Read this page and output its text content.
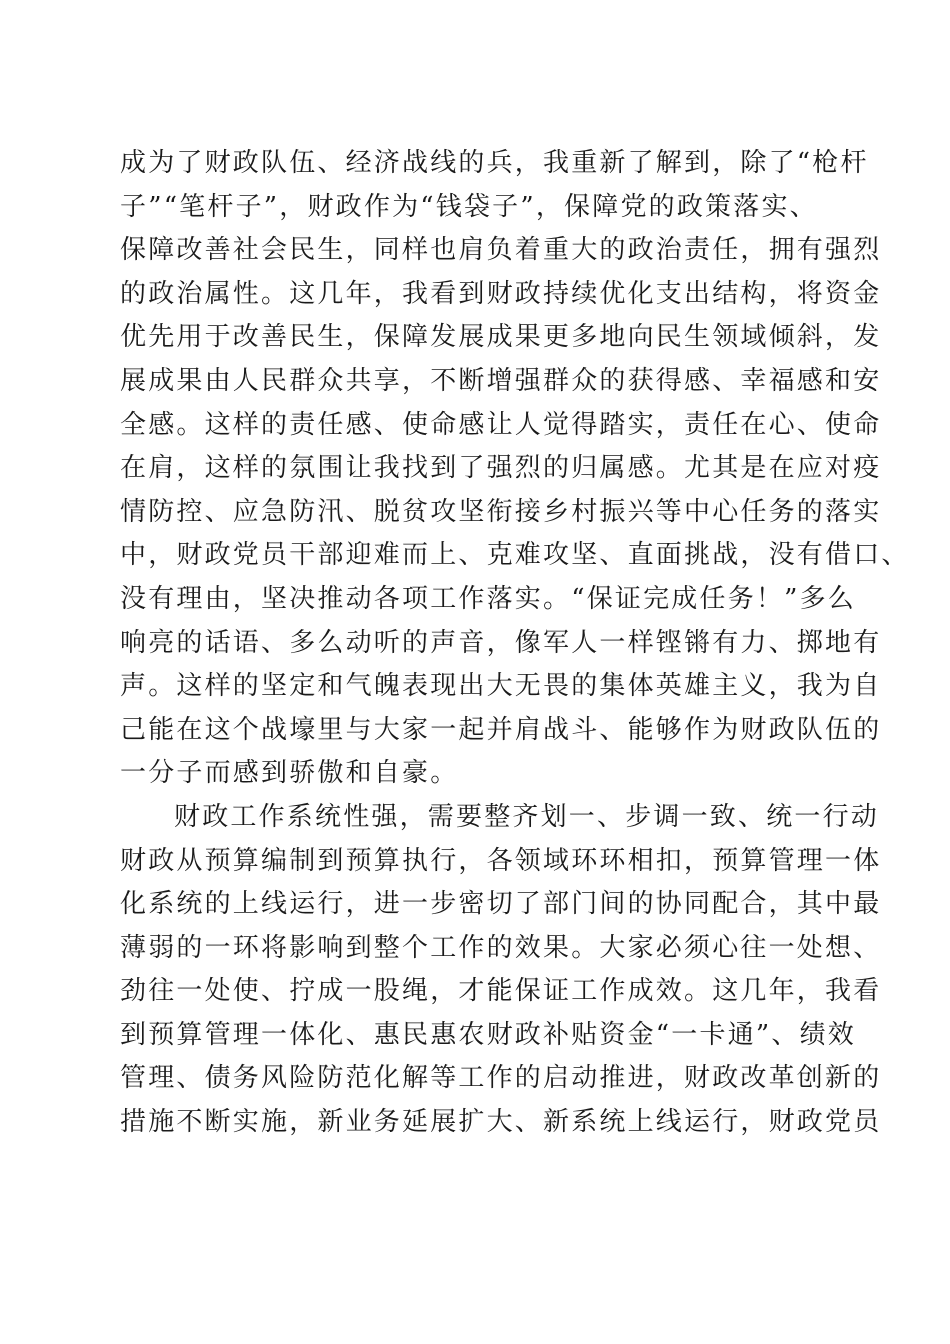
成为了财政队伍、经济战线的兵，我重新了解到，除了“枪杆
子”“笔杆子”，财政作为“钱袋子”，保障党的政策落实、
保障改善社会民生，同样也肩负着重大的政治责任，拥有强烈
的政治属性。这几年，我看到财政持续优化支出结构，将资金
优先用于改善民生，保障发展成果更多地向民生领域倾斜，发
展成果由人民群众共享，不断增强群众的获得感、幸福感和安
全感。这样的责任感、使命感让人觉得踏实，责任在心、使命
在肩，这样的氛围让我找到了强烈的归属感。尤其是在应对疫
情防控、应急防汛、脱贫攻坚衔接乡村振兴等中心任务的落实
中，财政党员干部迎难而上、克难攻坚、直面挑战，没有借口、
没有理由，坚决推动各项工作落实。“保证完成任务！”多么
响亮的话语、多么动听的声音，像军人一样铿锵有力、掷地有
声。这样的坚定和气魄表现出大无畏的集体英雄主义，我为自
己能在这个战壕里与大家一起并肩战斗、能够作为财政队伍的
一分子而感到骄傲和自豪。
财政工作系统性强，需要整齐划一、步调一致、统一行动
财政从预算编制到预算执行，各领域环环相扣，预算管理一体
化系统的上线运行，进一步密切了部门间的协同配合，其中最
薄弱的一环将影响到整个工作的效果。大家必须心往一处想、
劲往一处使、拧成一股绳，才能保证工作成效。这几年，我看
到预算管理一体化、惠民惠农财政补贴资金“一卡通”、绩效
管理、债务风险防范化解等工作的启动推进，财政改革创新的
措施不断实施，新业务延展扩大、新系统上线运行，财政党员
